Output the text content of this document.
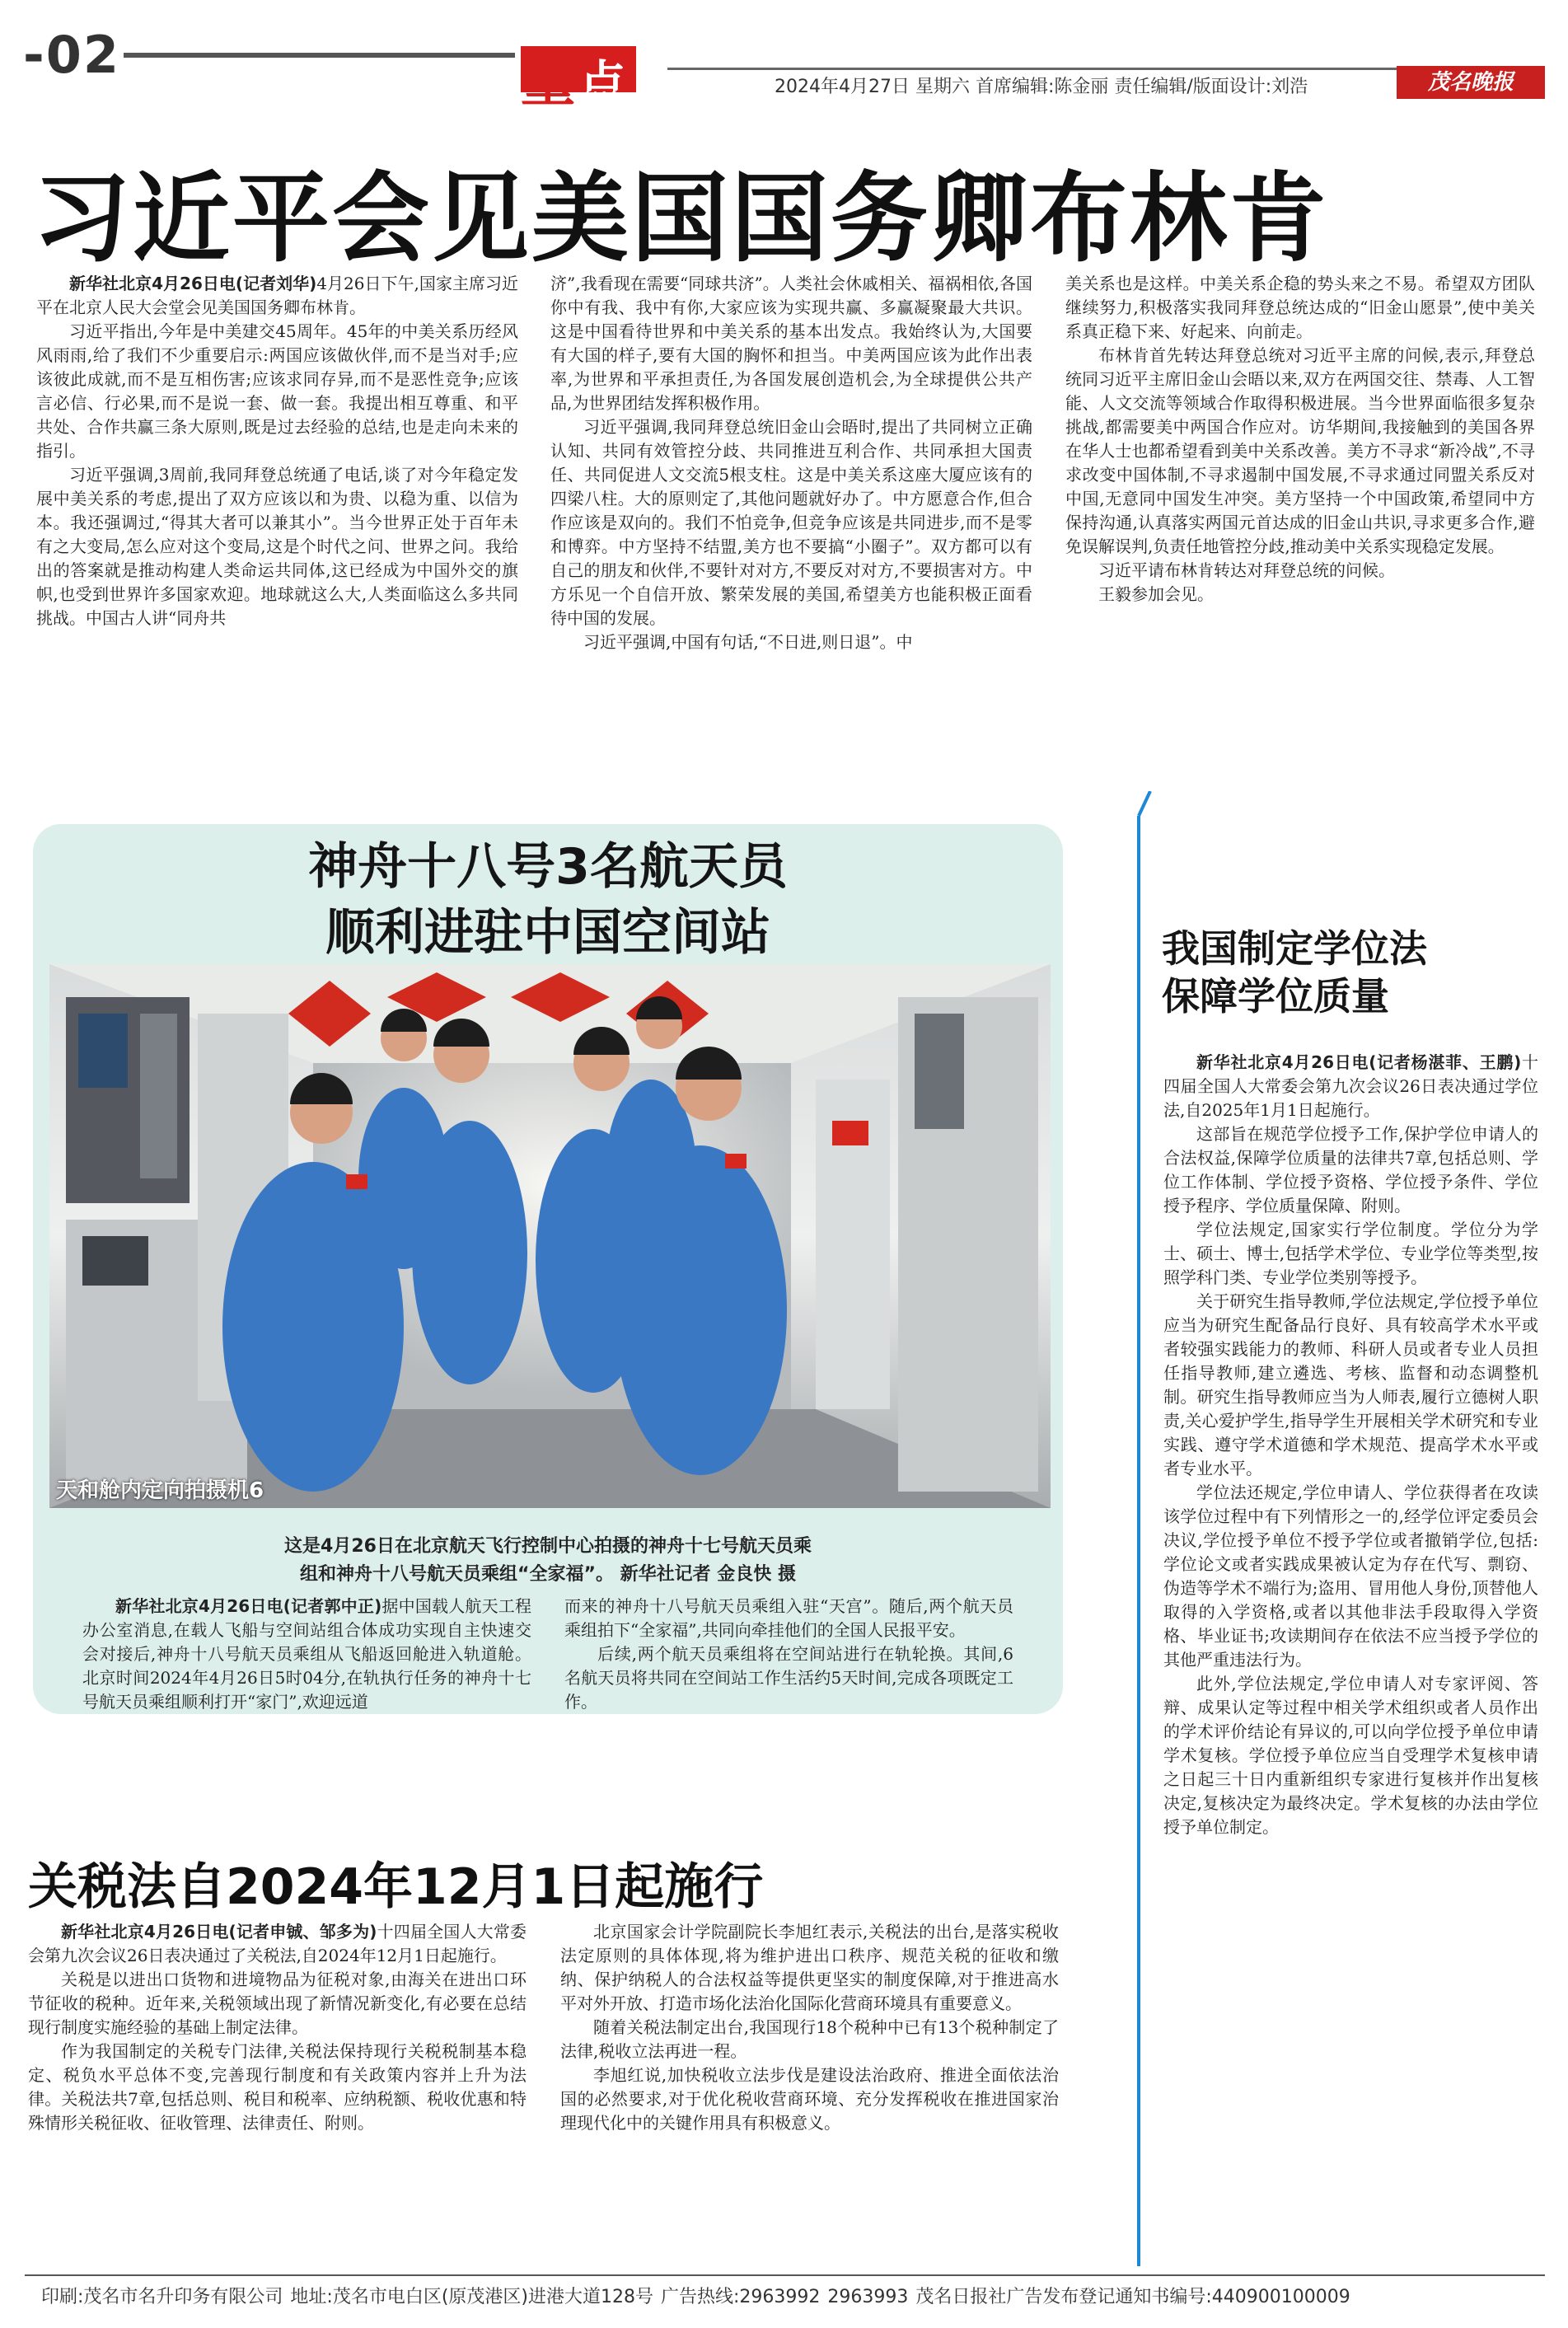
-02	重 点	2024年4月27日 星期六 首席编辑:陈金丽 责任编辑/版面设计:刘浩	茂名晚报
习近平会见美国国务卿布林肯

新华社北京4月26日电(记者刘华)4月26日下午,国家主席习近平在北京人民大会堂会见美国国务卿布林肯。

习近平指出,今年是中美建交45周年。45年的中美关系历经风风雨雨,给了我们不少重要启示:两国应该做伙伴,而不是当对手;应该彼此成就,而不是互相伤害;应该求同存异,而不是恶性竞争;应该言必信、行必果,而不是说一套、做一套。我提出相互尊重、和平共处、合作共赢三条大原则,既是过去经验的总结,也是走向未来的指引。

习近平强调,3周前,我同拜登总统通了电话,谈了对今年稳定发展中美关系的考虑,提出了双方应该以和为贵、以稳为重、以信为本。我还强调过,“得其大者可以兼其小”。当今世界正处于百年未有之大变局,怎么应对这个变局,这是个时代之问、世界之问。我给出的答案就是推动构建人类命运共同体,这已经成为中国外交的旗帜,也受到世界许多国家欢迎。地球就这么大,人类面临这么多共同挑战。中国古人讲“同舟共

济”,我看现在需要“同球共济”。人类社会休戚相关、福祸相依,各国你中有我、我中有你,大家应该为实现共赢、多赢凝聚最大共识。这是中国看待世界和中美关系的基本出发点。我始终认为,大国要有大国的样子,要有大国的胸怀和担当。中美两国应该为此作出表率,为世界和平承担责任,为各国发展创造机会,为全球提供公共产品,为世界团结发挥积极作用。

习近平强调,我同拜登总统旧金山会晤时,提出了共同树立正确认知、共同有效管控分歧、共同推进互利合作、共同承担大国责任、共同促进人文交流5根支柱。这是中美关系这座大厦应该有的四梁八柱。大的原则定了,其他问题就好办了。中方愿意合作,但合作应该是双向的。我们不怕竞争,但竞争应该是共同进步,而不是零和博弈。中方坚持不结盟,美方也不要搞“小圈子”。双方都可以有自己的朋友和伙伴,不要针对对方,不要反对对方,不要损害对方。中方乐见一个自信开放、繁荣发展的美国,希望美方也能积极正面看待中国的发展。

习近平强调,中国有句话,“不日进,则日退”。中

美关系也是这样。中美关系企稳的势头来之不易。希望双方团队继续努力,积极落实我同拜登总统达成的“旧金山愿景”,使中美关系真正稳下来、好起来、向前走。

布林肯首先转达拜登总统对习近平主席的问候,表示,拜登总统同习近平主席旧金山会晤以来,双方在两国交往、禁毒、人工智能、人文交流等领域合作取得积极进展。当今世界面临很多复杂挑战,都需要美中两国合作应对。访华期间,我接触到的美国各界在华人士也都希望看到美中关系改善。美方不寻求“新冷战”,不寻求改变中国体制,不寻求遏制中国发展,不寻求通过同盟关系反对中国,无意同中国发生冲突。美方坚持一个中国政策,希望同中方保持沟通,认真落实两国元首达成的旧金山共识,寻求更多合作,避免误解误判,负责任地管控分歧,推动美中关系实现稳定发展。

习近平请布林肯转达对拜登总统的问候。

王毅参加会见。

神舟十八号3名航天员
顺利进驻中国空间站
天和舱内定向拍摄机6
这是4月26日在北京航天飞行控制中心拍摄的神舟十七号航天员乘
组和神舟十八号航天员乘组“全家福”。 新华社记者 金良快 摄

新华社北京4月26日电(记者郭中正)据中国载人航天工程办公室消息,在载人飞船与空间站组合体成功实现自主快速交会对接后,神舟十八号航天员乘组从飞船返回舱进入轨道舱。北京时间2024年4月26日5时04分,在轨执行任务的神舟十七号航天员乘组顺利打开“家门”,欢迎远道

而来的神舟十八号航天员乘组入驻“天宫”。随后,两个航天员乘组拍下“全家福”,共同向牵挂他们的全国人民报平安。

后续,两个航天员乘组将在空间站进行在轨轮换。其间,6名航天员将共同在空间站工作生活约5天时间,完成各项既定工作。

我国制定学位法
保障学位质量

新华社北京4月26日电(记者杨湛菲、王鹏)十四届全国人大常委会第九次会议26日表决通过学位法,自2025年1月1日起施行。

这部旨在规范学位授予工作,保护学位申请人的合法权益,保障学位质量的法律共7章,包括总则、学位工作体制、学位授予资格、学位授予条件、学位授予程序、学位质量保障、附则。

学位法规定,国家实行学位制度。学位分为学士、硕士、博士,包括学术学位、专业学位等类型,按照学科门类、专业学位类别等授予。

关于研究生指导教师,学位法规定,学位授予单位应当为研究生配备品行良好、具有较高学术水平或者较强实践能力的教师、科研人员或者专业人员担任指导教师,建立遴选、考核、监督和动态调整机制。研究生指导教师应当为人师表,履行立德树人职责,关心爱护学生,指导学生开展相关学术研究和专业实践、遵守学术道德和学术规范、提高学术水平或者专业水平。

学位法还规定,学位申请人、学位获得者在攻读该学位过程中有下列情形之一的,经学位评定委员会决议,学位授予单位不授予学位或者撤销学位,包括:学位论文或者实践成果被认定为存在代写、剽窃、伪造等学术不端行为;盗用、冒用他人身份,顶替他人取得的入学资格,或者以其他非法手段取得入学资格、毕业证书;攻读期间存在依法不应当授予学位的其他严重违法行为。

此外,学位法规定,学位申请人对专家评阅、答辩、成果认定等过程中相关学术组织或者人员作出的学术评价结论有异议的,可以向学位授予单位申请学术复核。学位授予单位应当自受理学术复核申请之日起三十日内重新组织专家进行复核并作出复核决定,复核决定为最终决定。学术复核的办法由学位授予单位制定。

关税法自2024年12月1日起施行

新华社北京4月26日电(记者申铖、邹多为)十四届全国人大常委会第九次会议26日表决通过了关税法,自2024年12月1日起施行。

关税是以进出口货物和进境物品为征税对象,由海关在进出口环节征收的税种。近年来,关税领域出现了新情况新变化,有必要在总结现行制度实施经验的基础上制定法律。

作为我国制定的关税专门法律,关税法保持现行关税税制基本稳定、税负水平总体不变,完善现行制度和有关政策内容并上升为法律。关税法共7章,包括总则、税目和税率、应纳税额、税收优惠和特殊情形关税征收、征收管理、法律责任、附则。

北京国家会计学院副院长李旭红表示,关税法的出台,是落实税收法定原则的具体体现,将为维护进出口秩序、规范关税的征收和缴纳、保护纳税人的合法权益等提供更坚实的制度保障,对于推进高水平对外开放、打造市场化法治化国际化营商环境具有重要意义。

随着关税法制定出台,我国现行18个税种中已有13个税种制定了法律,税收立法再进一程。

李旭红说,加快税收立法步伐是建设法治政府、推进全面依法治国的必然要求,对于优化税收营商环境、充分发挥税收在推进国家治理现代化中的关键作用具有积极意义。

印刷:茂名市名升印务有限公司 地址:茂名市电白区(原茂港区)进港大道128号 广告热线:2963992 2963993 茂名日报社广告发布登记通知书编号:440900100009
